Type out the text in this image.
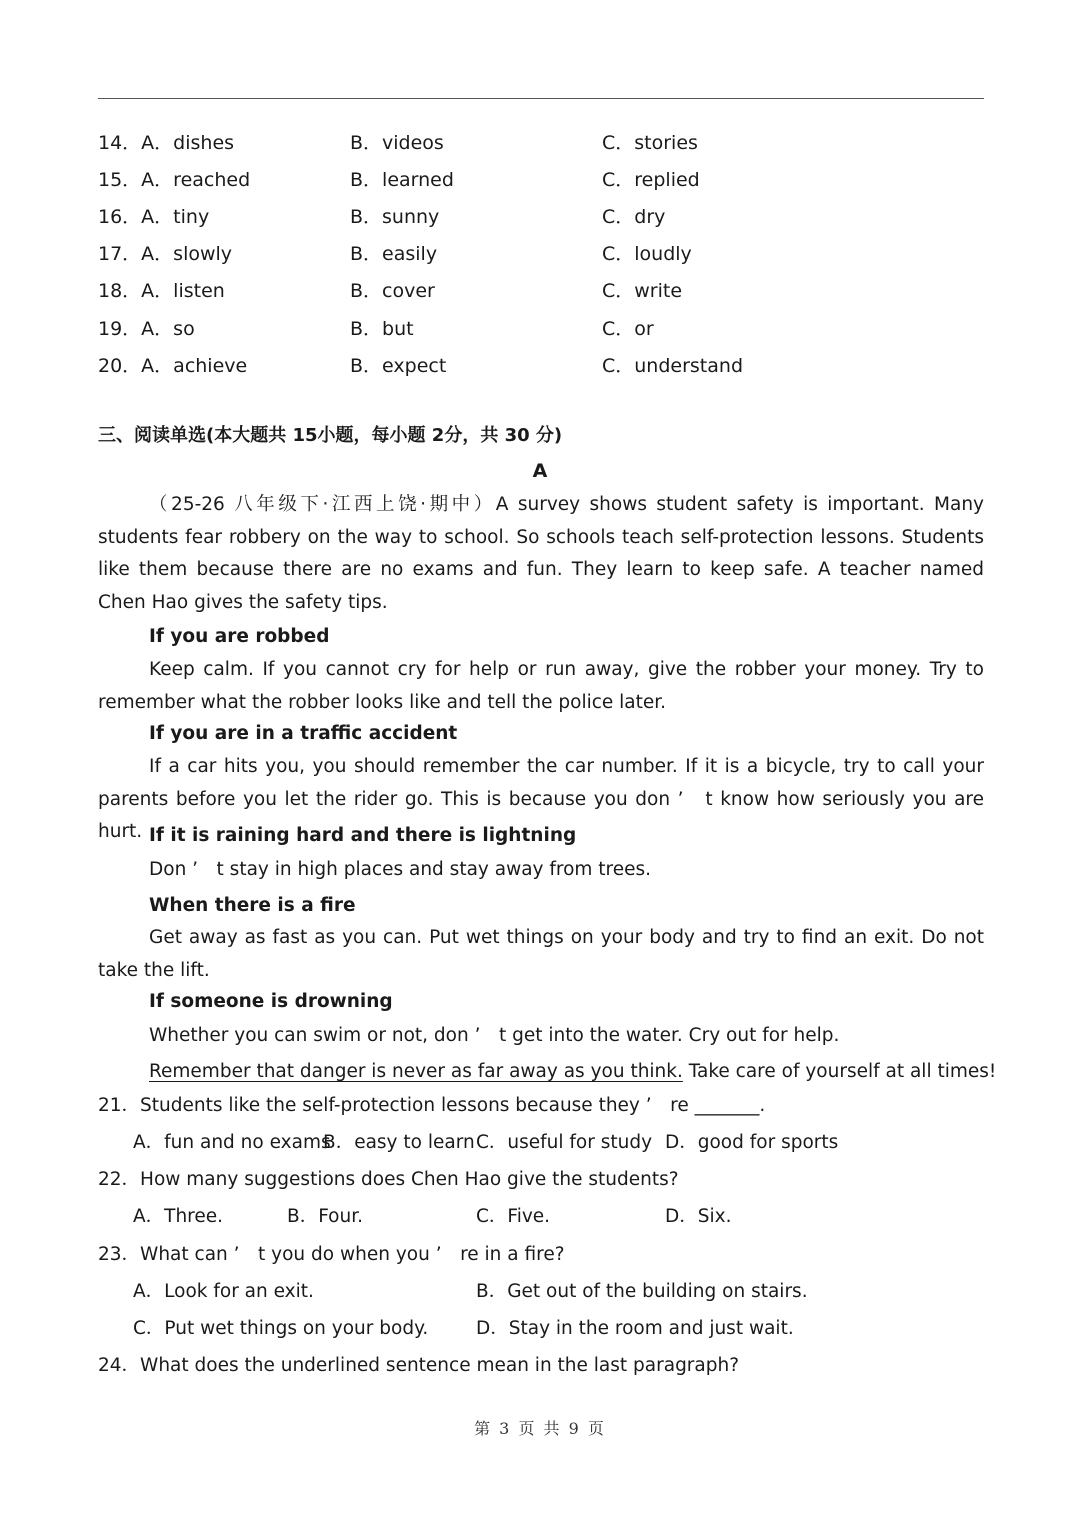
14．A．dishes	B．videos	C．stories
15．A．reached	B．learned	C．replied
16．A．tiny	B．sunny	C．dry
17．A．slowly	B．easily	C．loudly
18．A．listen	B．cover	C．write
19．A．so	B．but	C．or
20．A．achieve	B．expect	C．understand
三、阅读单选(本大题共 15小题，每小题 2分，共 30 分)
A
（25-26 八年级下·江西上饶·期中）A survey shows student safety is important. Many students fear robbery on the way to school. So schools teach self-protection lessons. Students like them because there are no exams and fun. They learn to keep safe. A teacher named Chen Hao gives the safety tips.
If you are robbed
Keep calm. If you cannot cry for help or run away, give the robber your money. Try to remember what the robber looks like and tell the police later.
If you are in a traffic accident
If a car hits you, you should remember the car number. If it is a bicycle, try to call your parents before you let the rider go. This is because you don ’　t know how seriously you are hurt. If it is raining hard and there is lightning
Don ’　t stay in high places and stay away from trees.
When there is a fire
Get away as fast as you can. Put wet things on your body and try to find an exit. Do not take the lift.
If someone is drowning
Whether you can swim or not, don ’　t get into the water. Cry out for help.
Remember that danger is never as far away as you think. Take care of yourself at all times!
21．Students like the self-protection lessons because they ’　re _______.
A．fun and no exams
B．easy to learn C．useful for study D．good for sports
22．How many suggestions does Chen Hao give the students?
A．Three.	B．Four.	C．Five.	D．Six.
23．What can ’　t you do when you ’　re in a fire?
A．Look for an exit.	B．Get out of the building on stairs.
C．Put wet things on your body.	D．Stay in the room and just wait.
24．What does the underlined sentence mean in the last paragraph?
第 3 页 共 9 页
